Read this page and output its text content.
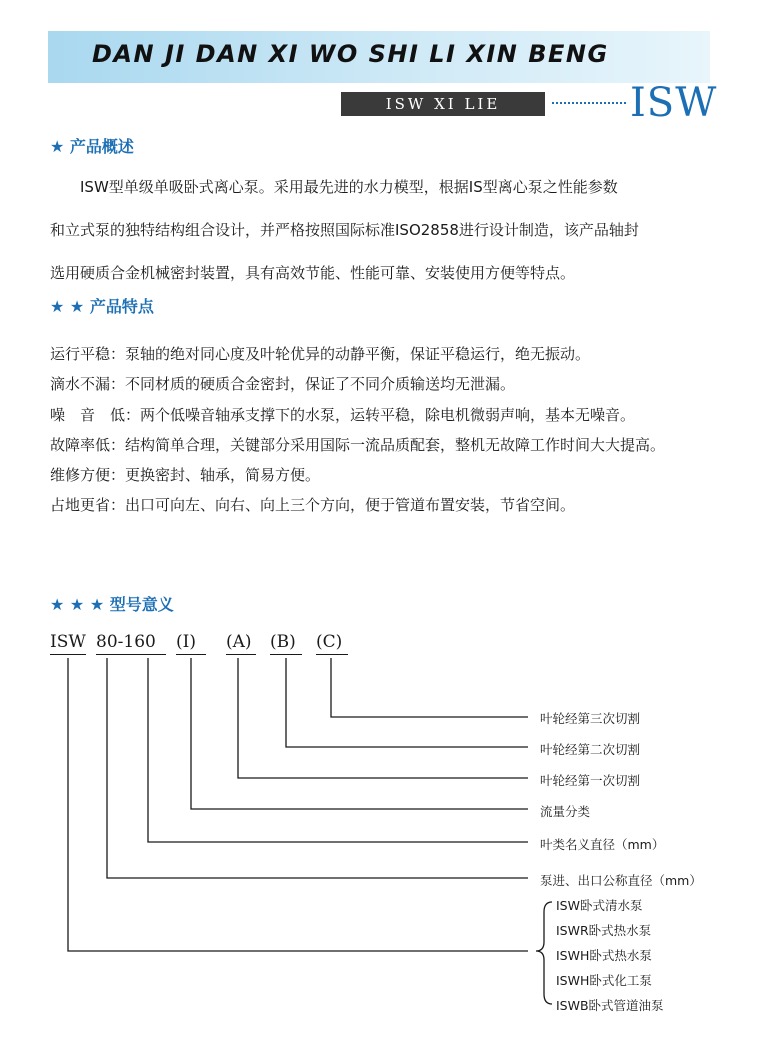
DAN JI DAN XI WO SHI LI XIN BENG
ISW XI LIE	ISW
★ 产品概述
ISW型单级单吸卧式离心泵。采用最先进的水力模型，根据IS型离心泵之性能参数
和立式泵的独特结构组合设计，并严格按照国际标准ISO2858进行设计制造，该产品轴封
选用硬质合金机械密封装置，具有高效节能、性能可靠、安装使用方便等特点。
★ ★ 产品特点
运行平稳：泵轴的绝对同心度及叶轮优异的动静平衡，保证平稳运行，绝无振动。
滴水不漏：不同材质的硬质合金密封，保证了不同介质输送均无泄漏。
噪　音　低：两个低噪音轴承支撑下的水泵，运转平稳，除电机微弱声响，基本无噪音。
故障率低：结构简单合理，关键部分采用国际一流品质配套，整机无故障工作时间大大提高。
维修方便：更换密封、轴承，简易方便。
占地更省：出口可向左、向右、向上三个方向，便于管道布置安装，节省空间。
★ ★ ★ 型号意义
ISW 80-160 (I) (A) (B) (C)
叶轮经第三次切割
叶轮经第二次切割
叶轮经第一次切割
流量分类
叶类名义直径（mm）
泵进、出口公称直径（mm）
ISW卧式清水泵
ISWR卧式热水泵
ISWH卧式热水泵
ISWH卧式化工泵
ISWB卧式管道油泵
